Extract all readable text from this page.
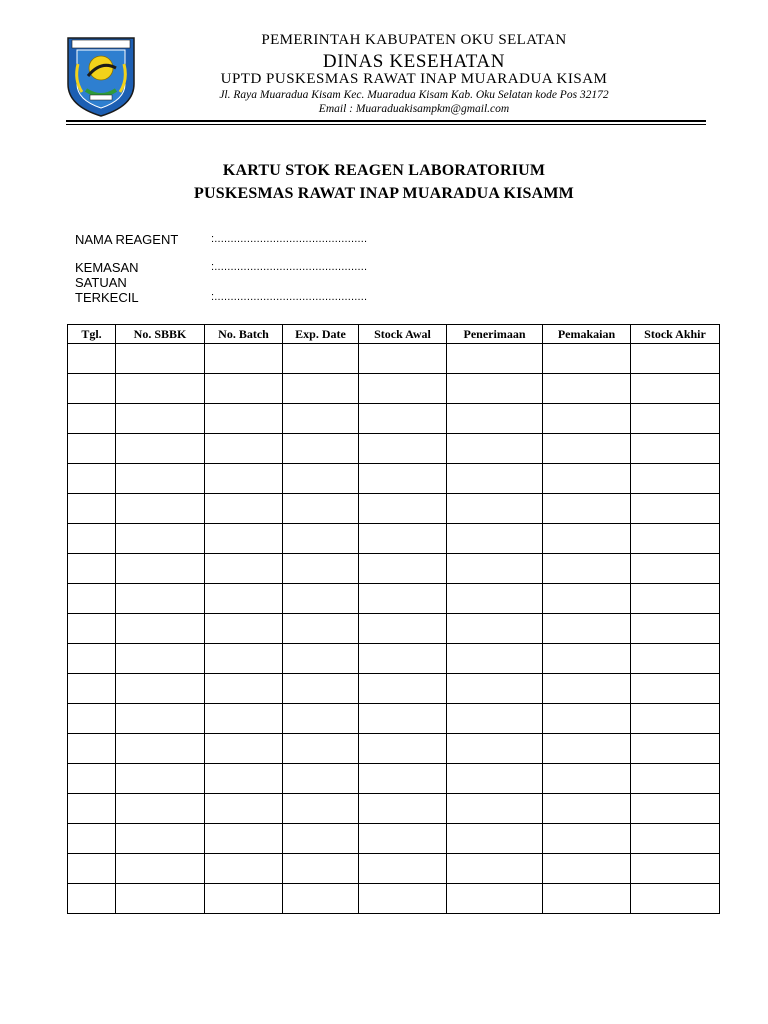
PEMERINTAH KABUPATEN OKU SELATAN
DINAS KESEHATAN
UPTD PUSKESMAS RAWAT INAP MUARADUA KISAM
Jl. Raya Muaradua Kisam Kec. Muaradua Kisam Kab. Oku Selatan kode Pos 32172
Email : Muaraduakisampkm@gmail.com
KARTU STOK REAGEN LABORATORIUM
PUSKESMAS RAWAT INAP MUARADUA KISAMM
NAMA REAGENT	:...............................................
KEMASAN	:...............................................
SATUAN
TERKECIL	:...............................................
Tgl.	No. SBBK	No. Batch	Exp. Date	Stock Awal	Penerimaan	Pemakaian	Stock Akhir
